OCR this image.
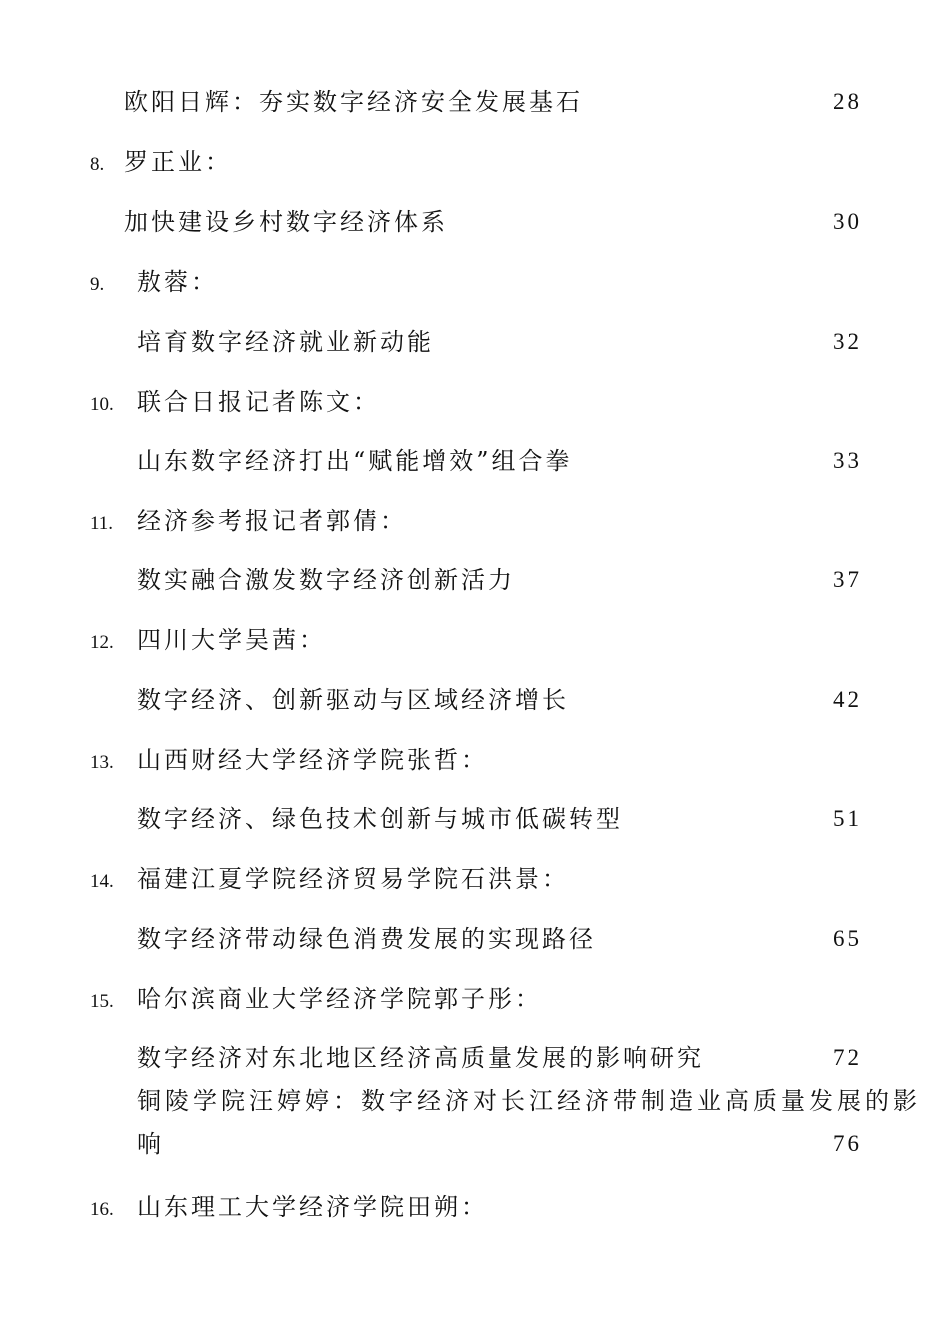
欧阳日辉：夯实数字经济安全发展基石	28
8. 罗正业：
加快建设乡村数字经济体系	30
9. 敖蓉：
培育数字经济就业新动能	32
10. 联合日报记者陈文：
山东数字经济打出“赋能增效”组合拳	33
11. 经济参考报记者郭倩：
数实融合激发数字经济创新活力	37
12. 四川大学吴茜：
数字经济、创新驱动与区域经济增长	42
13. 山西财经大学经济学院张哲：
数字经济、绿色技术创新与城市低碳转型	51
14. 福建江夏学院经济贸易学院石洪景：
数字经济带动绿色消费发展的实现路径	65
15. 哈尔滨商业大学经济学院郭子彤：
数字经济对东北地区经济高质量发展的影响研究	72
铜陵学院汪婷婷：数字经济对长江经济带制造业高质量发展的影
响	76
16. 山东理工大学经济学院田朔：
